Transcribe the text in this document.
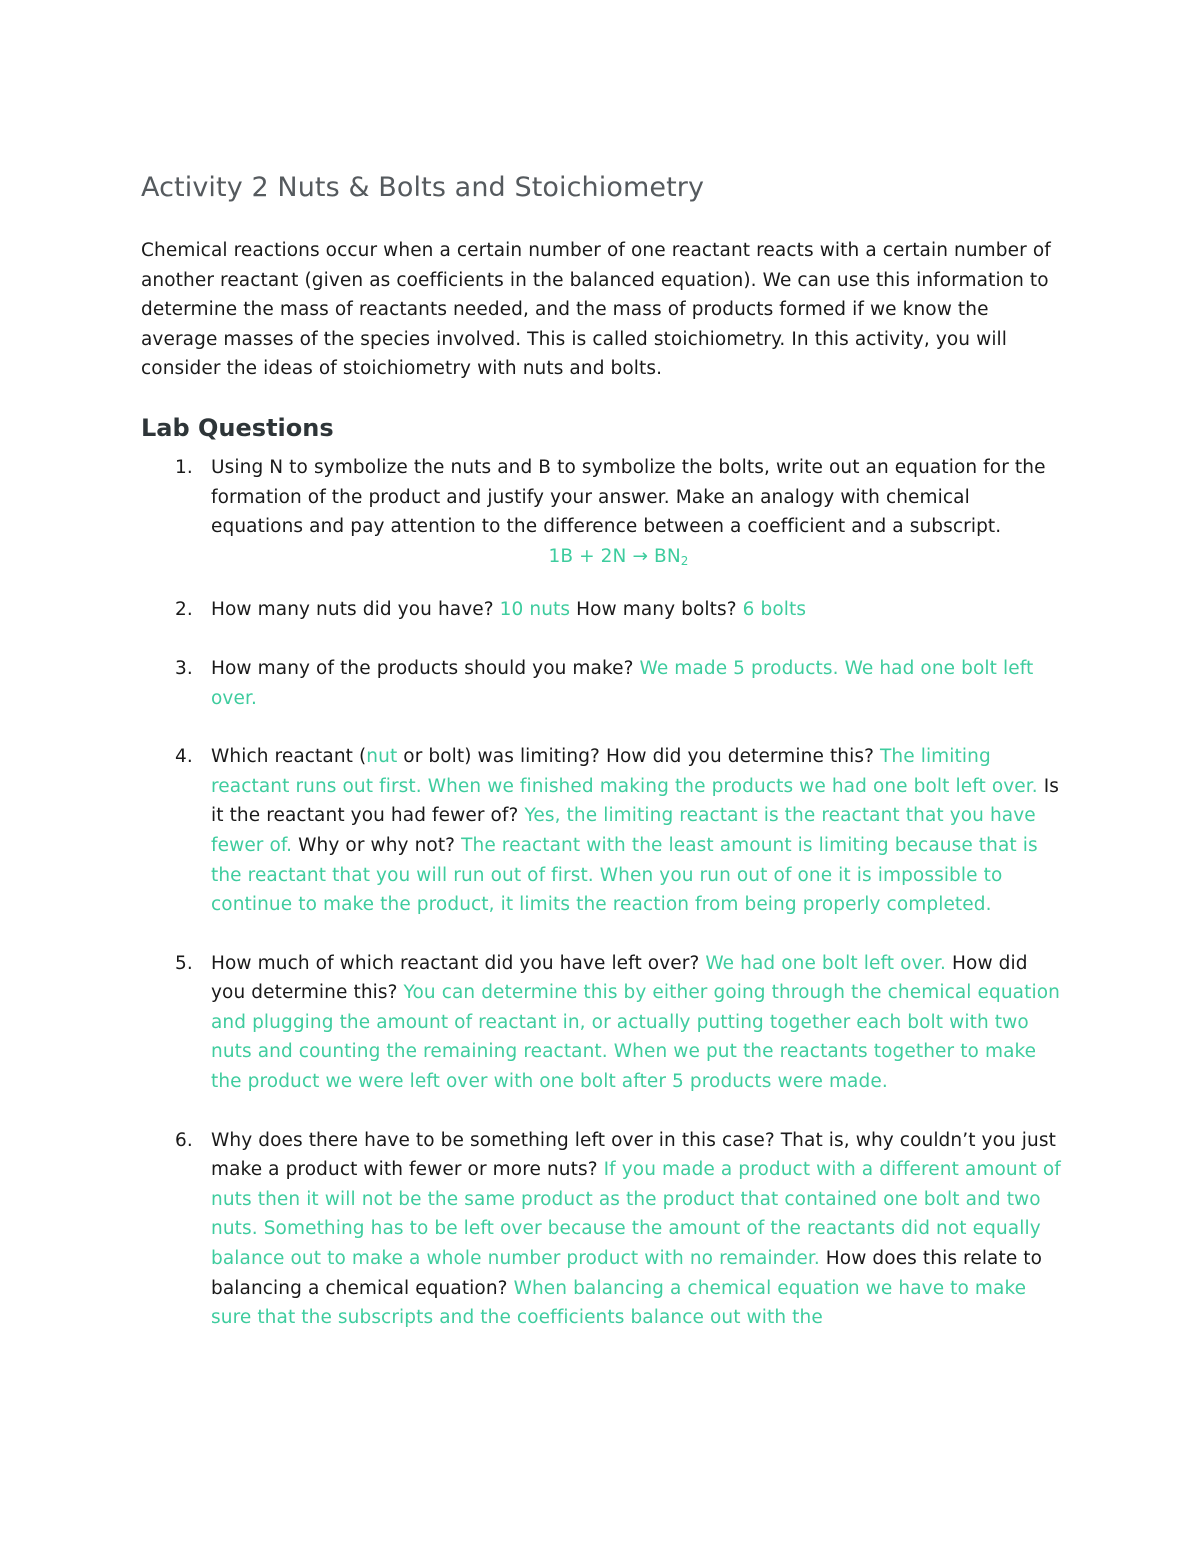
Activity 2 Nuts & Bolts and Stoichiometry

Chemical reactions occur when a certain number of one reactant reacts with a certain number of another reactant (given as coefficients in the balanced equation). We can use this information to determine the mass of reactants needed, and the mass of products formed if we know the average masses of the species involved. This is called stoichiometry. In this activity, you will consider the ideas of stoichiometry with nuts and bolts.

Lab Questions
1. Using N to symbolize the nuts and B to symbolize the bolts, write out an equation for the formation of the product and justify your answer. Make an analogy with chemical equations and pay attention to the difference between a coefficient and a subscript.
$1B + 2N \to BN_2$
2. How many nuts did you have? 10 nuts How many bolts? 6 bolts
3. How many of the products should you make? We made 5 products. We had one bolt left over.
4. Which reactant (nut or bolt) was limiting? How did you determine this? The limiting reactant runs out first. When we finished making the products we had one bolt left over. Is it the reactant you had fewer of? Yes, the limiting reactant is the reactant that you have fewer of. Why or why not? The reactant with the least amount is limiting because that is the reactant that you will run out of first. When you run out of one it is impossible to continue to make the product, it limits the reaction from being properly completed.
5. How much of which reactant did you have left over? We had one bolt left over. How did you determine this? You can determine this by either going through the chemical equation and plugging the amount of reactant in, or actually putting together each bolt with two nuts and counting the remaining reactant. When we put the reactants together to make the product we were left over with one bolt after 5 products were made.
6. Why does there have to be something left over in this case? That is, why couldn’t you just make a product with fewer or more nuts? If you made a product with a different amount of nuts then it will not be the same product as the product that contained one bolt and two nuts. Something has to be left over because the amount of the reactants did not equally balance out to make a whole number product with no remainder. How does this relate to balancing a chemical equation? When balancing a chemical equation we have to make sure that the subscripts and the coefficients balance out with the
